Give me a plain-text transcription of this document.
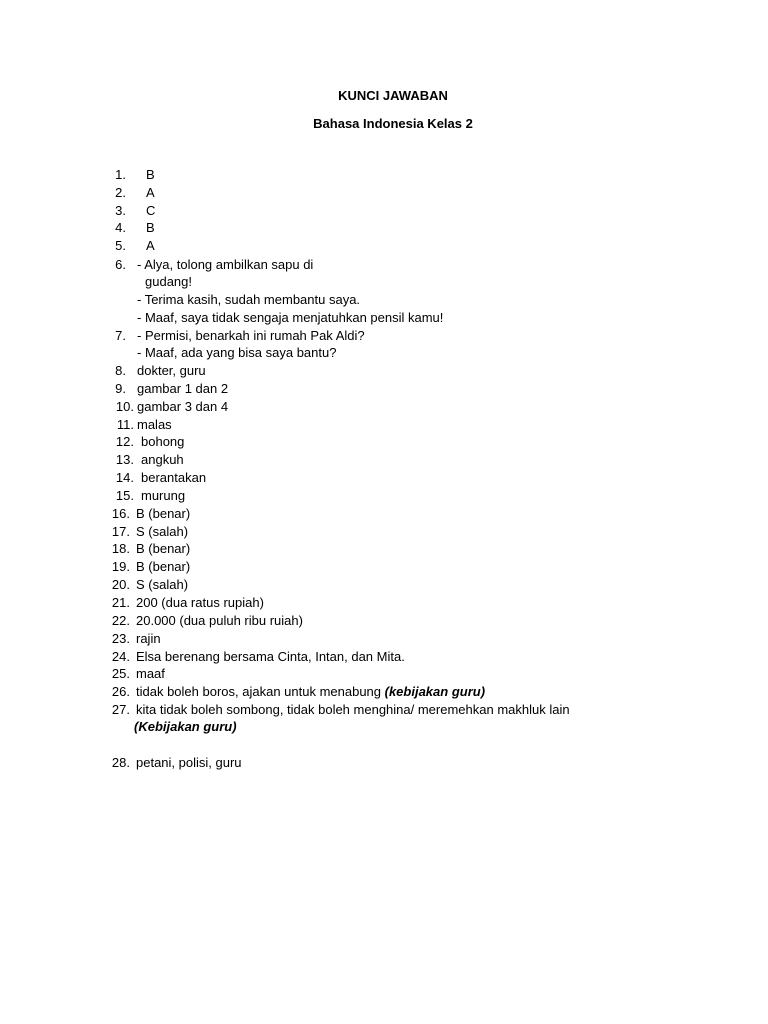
KUNCI JAWABAN
Bahasa Indonesia Kelas 2
1. B
2. A
3. C
4. B
5. A
6. - Alya, tolong ambilkan sapu di
gudang!
- Terima kasih, sudah membantu saya.
- Maaf, saya tidak sengaja menjatuhkan pensil kamu!
7. - Permisi, benarkah ini rumah Pak Aldi?
- Maaf, ada yang bisa saya bantu?
8. dokter, guru
9. gambar 1 dan 2
10. gambar 3 dan 4
11. malas
12. bohong
13. angkuh
14. berantakan
15. murung
16. B (benar)
17. S (salah)
18. B (benar)
19. B (benar)
20. S (salah)
21. 200 (dua ratus rupiah)
22. 20.000 (dua puluh ribu ruiah)
23. rajin
24. Elsa berenang bersama Cinta, Intan, dan Mita.
25. maaf
26. tidak boleh boros, ajakan untuk menabung (kebijakan guru)
27. kita tidak boleh sombong, tidak boleh menghina/ meremehkan makhluk lain
(Kebijakan guru)
28. petani, polisi, guru
